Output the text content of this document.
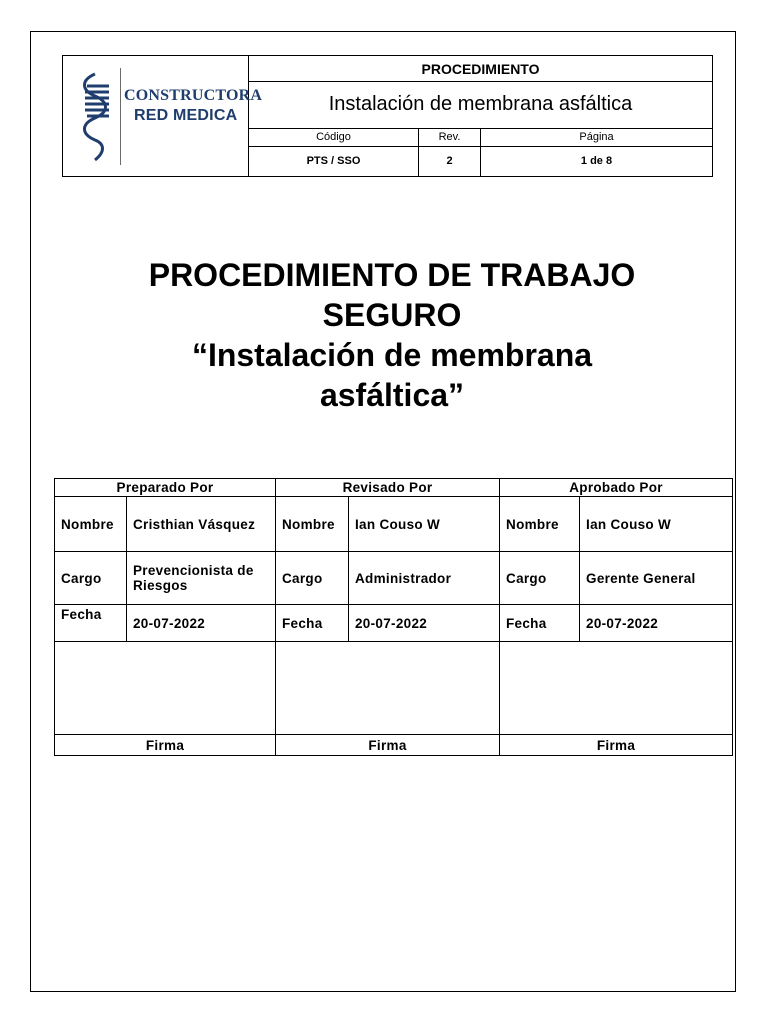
CONSTRUCTORA
RED MEDICA	PROCEDIMIENTO		
	Instalación de membrana asfáltica		
	Código	Rev.	Página
	PTS / SSO	2	1 de 8
PROCEDIMIENTO DE TRABAJO
SEGURO
“Instalación de membrana
asfáltica”
Preparado Por		Revisado Por		Aprobado Por	
Nombre	Cristhian Vásquez	Nombre	Ian Couso W	Nombre	Ian Couso W
Cargo	Prevencionista de Riesgos	Cargo	Administrador	Cargo	Gerente General
Fecha	20-07-2022	Fecha	20-07-2022	Fecha	20-07-2022

Firma		Firma		Firma	
